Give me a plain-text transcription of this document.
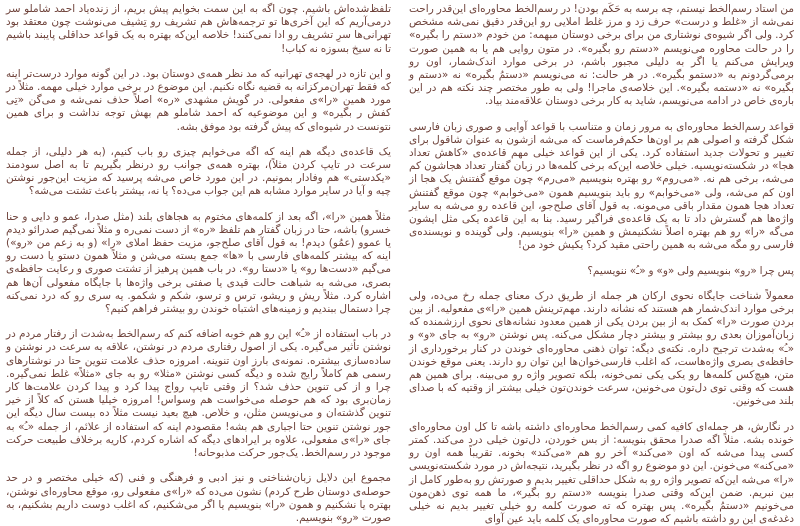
من استاد رسم‌الخط نیستم، چه برسه به حَکَم بودن! در رسم‌الخط محاوره‌ای این‌قدر راحت نمی‌شه از «غلط و درست» حرف زد و مرز غلط املایی رو این‌قدر دقیق نمی‌شه مشخص کرد. ولی اگر شیوه‌ی نوشتاری من برای برخی دوستان مبهمه: من خودم «دستم را بگیره» را در حالت محاوره می‌نویسم «دستم رو بگیره». در متون روایی هم یا به همین صورت ویرایش می‌کنم یا اگر به دلیلی مجبور باشم، در برخی موارد اندک‌شمار، اون رو برمی‌گردونم به «دستمو بگیره». در هر حالت: نه می‌نویسم «دستمُ بگیره» نه «دستم و بگیره» نه «دستمه بگیره». این خلاصه‌ی ماجرا! ولی به طور مختصر چند نکته هم در این باره‌ی خاص در ادامه می‌نویسم، شاید به کار برخی دوستان علاقه‌مند بیاد.

قواعد رسم‌الخط محاوره‌ای به مرور زمان و متناسب با قواعد آوایی و صوری زبان فارسی شکل گرفته و اصولی هم بر اون‌ها حکم‌فرماست که می‌شه ازشون به عنوان شاقول برای تغییر و تحولات جدید استفاده کرد. یکی از این قواعد خیلی مهم قاعده‌ی «کاهش تعداد هجا» در شکسته‌نویسیه. خیلی خلاصه این‌که برخی کلمه‌ها در زبان گفتار تعداد هجاشون کم می‌شه، برخی هم نه. «می‌روم» رو بهتره بنویسیم «می‌رم» چون موقع گفتنش یک هجا از اون کم می‌شه، ولی «می‌خوابم» رو باید بنویسیم همون «می‌خوابم» چون موقع گفتنش تعداد هجا همون مقدار باقی می‌مونه. به قول آقای صلح‌جو، این قاعده رو می‌شه به سایر واژه‌ها هم گسترش داد تا به یک قاعده‌ی فراگیر رسید. بنا به این قاعده یکی مثل ایشون می‌گه «را» رو هم بهتره اصلاً نشکنیمش و همین «را» بنویسیم. ولی گوینده و نویسنده‌ی فارسی رو مگه می‌شه به همین راحتی مقید کرد؟ یکیش خود من!

پس چرا «رو» بنویسیم ولی «و» و «ـُ» ننویسیم؟

معمولاً شناخت جایگاه نحوی ارکان هر جمله از طریق درک معنای جمله رخ می‌ده، ولی برخی موارد اندک‌شمار هم هستند که نشانه دارند. مهم‌ترینش همین «را»ی مفعولیه. از بین بردن صورت «را» کمک به از بین بردن یکی از همین معدود نشانه‌های نحوی ارزشمنده که زبان‌آموزان بعدی رو بیشتر و بیشتر دچار مشکل می‌کنه. پس نوشتن «رو» به جای «و» و «ـُ» به‌شدت ترجیح داره. نکته‌ی دیگه: توان ذهنی محاوره‌ای خوندن در کنار برخورداری از حافظه‌ی بصری واژه‌هاست، که اغلب فارسی‌خوان‌ها این توان رو دارند. یعنی موقع خوندن متن، هیچ‌کس کلمه‌ها رو یکی یکی نمی‌خونه، بلکه تصویر واژه رو می‌بینه. برای همین هم هست که وقتی توی دل‌تون می‌خونین، سرعت خوندن‌تون خیلی بیشتر از وقتیه که با صدای بلند می‌خونین.

در نگارش، هر جمله‌ای کافیه کمی رسم‌الخط محاوره‌ای داشته باشه تا کل اون محاوره‌ای خونده بشه. مثلاً اگه صدرا محقق بنویسه: از بس خوردن، دل‌تون خیلی درد می‌کند. کمتر کسی پیدا می‌شه که اون «می‌کند» آخر رو هم «می‌کند» بخونه. تقریباً همه اون رو «می‌کنه» می‌خونن. این دو موضوع رو اگه در نظر بگیرید، نتیجه‌اش در مورد شکسته‌نویسی «را» می‌شه این‌که تصویر واژه رو به شکل حداقلی تغییر بدیم و صورتش رو به‌طور کامل از بین نبریم. ضمن این‌که وقتی صدرا بنویسه «دستم رو بگیر»، ما همه توی ذهن‌مون می‌خونیم «دستمُ بگیره». پس بهتره که ته صورت کلمه رو خیلی تغییر بدیم نه خیلی دغدغه‌ی این رو داشته باشیم که صورت محاوره‌ای یک کلمه باید عین آوای

تلفظ‌شده‌اش باشیم. چون اگه به این سمت بخوایم پیش بریم، از زنده‌یاد احمد شاملو سر درمی‌آریم که این آخری‌ها تو ترجمه‌هاش هم تشریف رو تِشیف می‌نوشت چون معتقد بود تهرانی‌ها سرِ تشریف رو ادا نمی‌کنند! خلاصه این‌که بهتره به یک قواعد حداقلی پایبند باشیم تا نه سیخ بسوزه نه کباب!

و این تازه در لهجه‌ی تهرانیه که مد نظر همه‌ی دوستان بود. در این گونه موارد درست‌تر اینه که فقط تهران‌مرکزانه به قضیه نگاه نکنیم. این موضوع در برخی موارد خیلی مهمه. مثلاً در مورد همین «را»ی مفعولی. در گویش مشهدی «ره» اصلاً حذف نمی‌شه و می‌گن «تِی کفش ر بگیره» و این موضوعیه که احمد شاملو هم بهش توجه نداشت و برای همین نتونست در شیوه‌ای که پیش گرفته بود موفق بشه.

یک قاعده‌ی دیگه هم اینه که اگه می‌خوایم چیزی رو باب کنیم، (به هر دلیلی، از جمله سرعت در تایپ کردن مثلاً)، بهتره همه‌ی جوانب رو درنظر بگیریم تا به اصل سودمند «یکدستی» هم وفادار بمونیم. در این مورد خاص می‌شه پرسید که مزیت این‌جور نوشتن چیه و آیا در سایر موارد مشابه هم این جواب می‌ده؟ یا نه، بیشتر باعث تشتت می‌شه؟

مثلاً همین «را»، اگه بعد از کلمه‌های مختوم به هجاهای بلند (مثل صدرا، عمو و دایی و حنا خسرو) باشه، حتا در زبان گفتار هم تلفظ «ره» از دست نمی‌ره و مثلاً نمی‌گیم صدرائو دیدم یا عموو (عمُو) دیدم! به قول آقای صلح‌جو، مزیت حفظ املای «را» (و به زعم من «رو») اینه که بیشتر کلمه‌های فارسی با «ها» جمع بسته می‌شن و مثلاً همون دستو یا دست رو می‌گیم «دست‌ها رو» یا «دستا رو». در باب همین پرهیز از تشتت صوری و رعایت حافظه‌ی بصری، می‌شه به شباهت حالت قیدی یا صفتی برخی واژه‌ها با جایگاه مفعولی آن‌ها هم اشاره کرد. مثلاً ریش و ریشو، ترس و ترسو، شکم و شکمو. یه سری رو که درد نمی‌کنه چرا دستمال ببندیم و زمینه‌های اشتباه خوندن رو بیشتر فراهم کنیم؟

در باب استفاده از «ـُ» این رو هم خوبه اضافه کنم که رسم‌الخط به‌شدت از رفتار مردم در نوشتن تأثیر می‌گیره. یکی از اصول رفتاری مردم در نوشتن، علاقه به سرعت در نوشتن و ساده‌سازی بیشتره. نمونه‌ی بارز اون تنوینه. امروزه حذف علامت تنوین حتا در نوشتارهای رسمی هم کاملاً رایج شده و دیگه کسی نوشتن «مثلا» رو به جای «مثلاً» غلط نمی‌گیره. چرا و از کی تنوین حذف شد؟ از وقتی تایپ رواج پیدا کرد و پیدا کردن علامت‌ها کار زمان‌بری بود که هم حوصله می‌خواست هم وسواس! امروزه خیلیا هستن که کلاً از خیر تنوین گذشته‌ان و می‌نویسن مثلن، و خلاص. هیچ بعید نیست مثلاً ده بیست سال دیگه این جور نوشتن تنوین حتا اجباری هم بشه! مقصودم اینه که استفاده از علائم، از جمله «ـُ» به جای «را»ی مفعولی، علاوه بر ایرادهای دیگه که اشاره کردم، کاریه برخلاف طبیعت حرکت موجود در رسم‌الخط. یک‌جور حرکت مذبوحانه!

مجموع این دلایل زبان‌شناختی و نیز ادبی و فرهنگی و فنی (که خیلی مختصر و در حد حوصله‌ی دوستان طرح کردم) نشون می‌ده که «را»ی مفعولی رو، موقع محاوره‌ای نوشتن، بهتره یا نشکنیم و همون «را» بنویسیم یا اگر می‌شکنیم، که اغلب دوست داریم بشکنیم، به صورت «رو» بنویسیم.
